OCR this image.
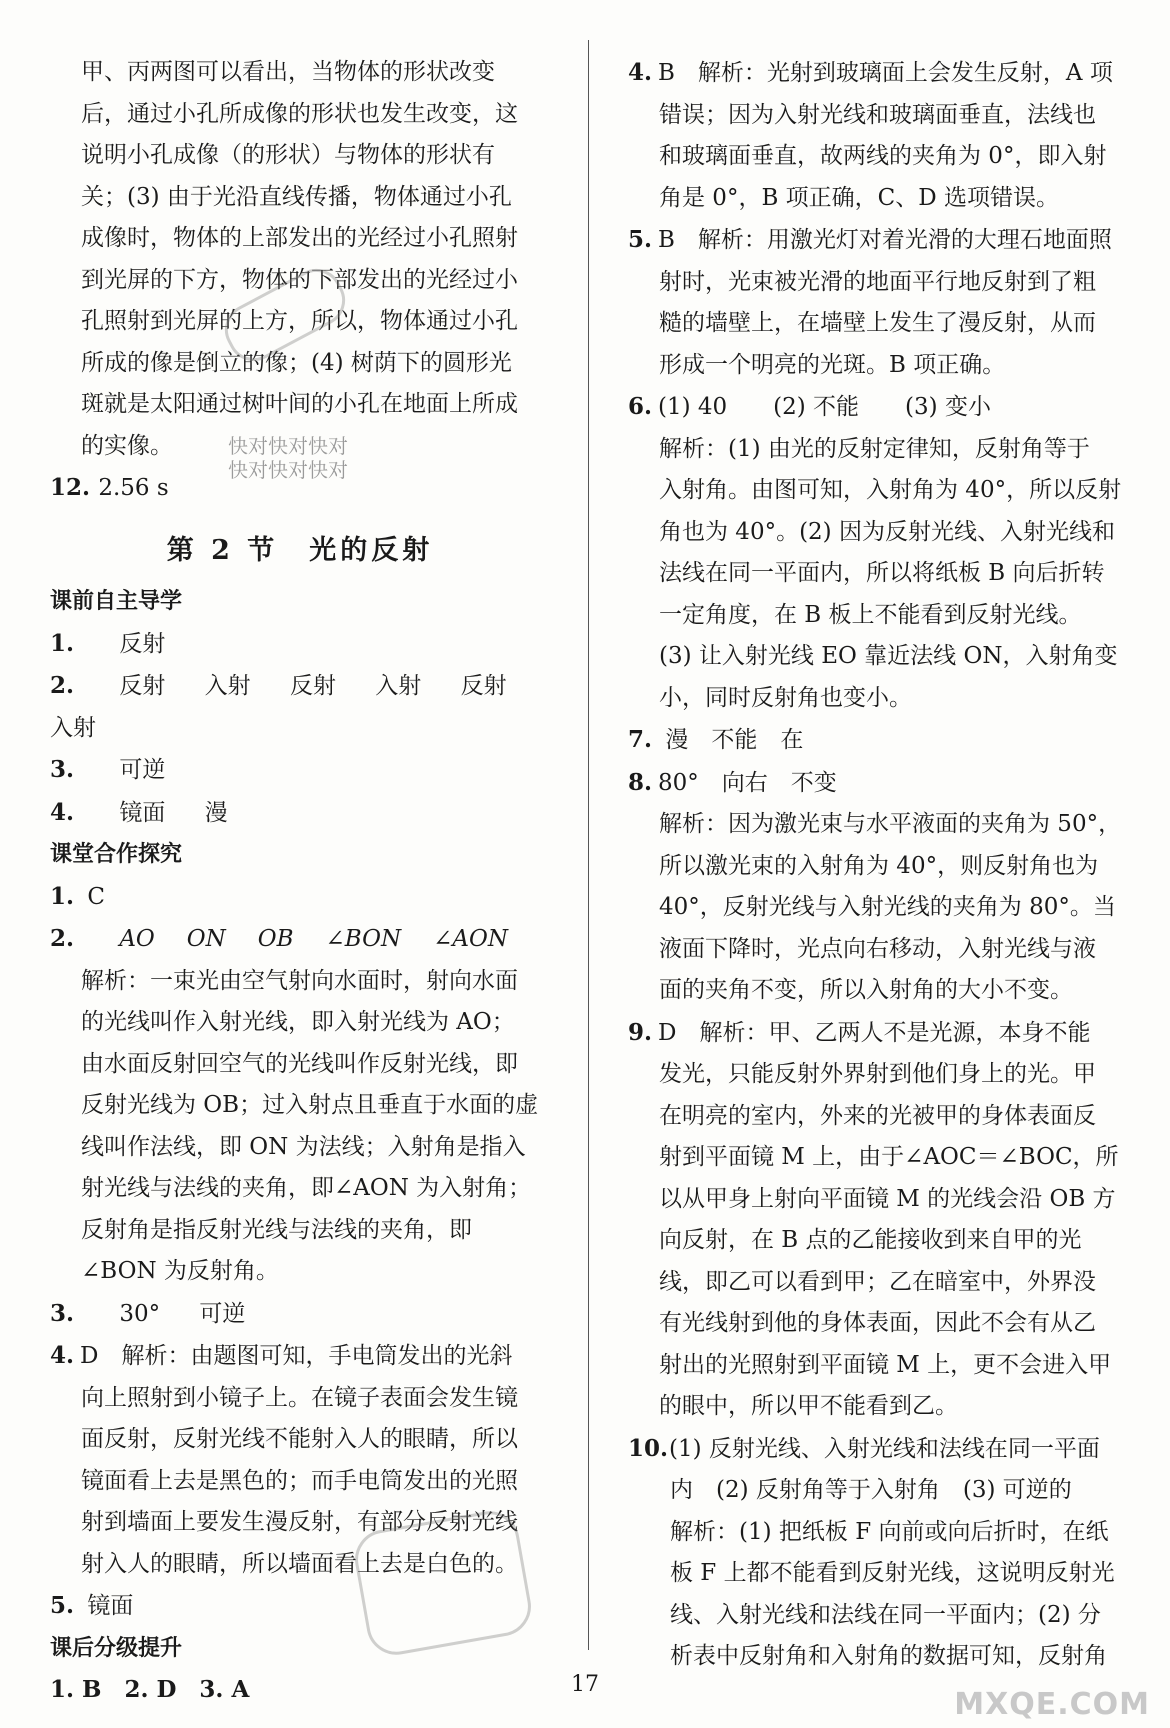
甲、丙两图可以看出，当物体的形状改变
后，通过小孔所成像的形状也发生改变，这
说明小孔成像（的形状）与物体的形状有
关；(3) 由于光沿直线传播，物体通过小孔
成像时，物体的上部发出的光经过小孔照射
到光屏的下方，物体的下部发出的光经过小
孔照射到光屏的上方，所以，物体通过小孔
所成的像是倒立的像；(4) 树荫下的圆形光
斑就是太阳通过树叶间的小孔在地面上所成
的实像。
12. 2.56 s
第 2 节　光的反射
课前自主导学
1. 反射
2. 反射 入射 反射 入射 反射 入射
3. 可逆
4. 镜面 漫
课堂合作探究
1. C
2. AO ON OB ∠BON ∠AON
解析：一束光由空气射向水面时，射向水面
的光线叫作入射光线，即入射光线为 AO；
由水面反射回空气的光线叫作反射光线，即
反射光线为 OB；过入射点且垂直于水面的虚
线叫作法线，即 ON 为法线；入射角是指入
射光线与法线的夹角，即∠AON 为入射角；
反射角是指反射光线与法线的夹角，即
∠BON 为反射角。
3. 30° 可逆
4. D　解析：由题图可知，手电筒发出的光斜
向上照射到小镜子上。在镜子表面会发生镜
面反射，反射光线不能射入人的眼睛，所以
镜面看上去是黑色的；而手电筒发出的光照
射到墙面上要发生漫反射，有部分反射光线
射入人的眼睛，所以墙面看上去是白色的。
5. 镜面
课后分级提升
1. B　2. D　3. A
快对快对快对
快对快对快对
4. B　解析：光射到玻璃面上会发生反射，A 项
错误；因为入射光线和玻璃面垂直，法线也
和玻璃面垂直，故两线的夹角为 0°，即入射
角是 0°，B 项正确，C、D 选项错误。
5. B　解析：用激光灯对着光滑的大理石地面照
射时，光束被光滑的地面平行地反射到了粗
糙的墙壁上，在墙壁上发生了漫反射，从而
形成一个明亮的光斑。B 项正确。
6. (1) 40　　(2) 不能　　(3) 变小
解析：(1) 由光的反射定律知，反射角等于
入射角。由图可知，入射角为 40°，所以反射
角也为 40°。(2) 因为反射光线、入射光线和
法线在同一平面内，所以将纸板 B 向后折转
一定角度，在 B 板上不能看到反射光线。
(3) 让入射光线 EO 靠近法线 ON，入射角变
小，同时反射角也变小。
7. 漫　不能　在
8. 80°　向右　不变
解析：因为激光束与水平液面的夹角为 50°，
所以激光束的入射角为 40°，则反射角也为
40°，反射光线与入射光线的夹角为 80°。当
液面下降时，光点向右移动，入射光线与液
面的夹角不变，所以入射角的大小不变。
9. D　解析：甲、乙两人不是光源，本身不能
发光，只能反射外界射到他们身上的光。甲
在明亮的室内，外来的光被甲的身体表面反
射到平面镜 M 上，由于∠AOC＝∠BOC，所
以从甲身上射向平面镜 M 的光线会沿 OB 方
向反射，在 B 点的乙能接收到来自甲的光
线，即乙可以看到甲；乙在暗室中，外界没
有光线射到他的身体表面，因此不会有从乙
射出的光照射到平面镜 M 上，更不会进入甲
的眼中，所以甲不能看到乙。
10.(1) 反射光线、入射光线和法线在同一平面
内　(2) 反射角等于入射角　(3) 可逆的
解析：(1) 把纸板 F 向前或向后折时，在纸
板 F 上都不能看到反射光线，这说明反射光
线、入射光线和法线在同一平面内；(2) 分
析表中反射角和入射角的数据可知，反射角
17
MXQE.COM
